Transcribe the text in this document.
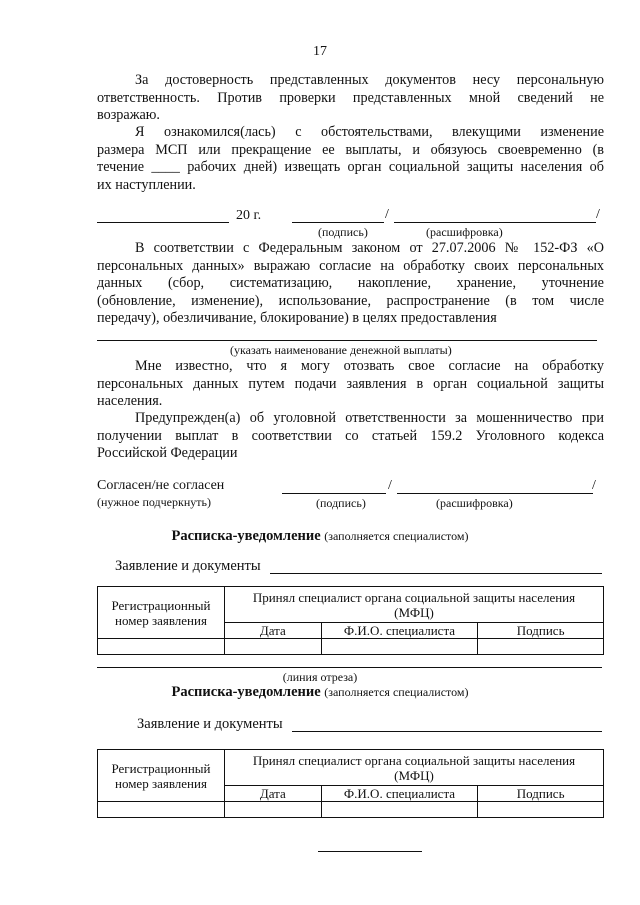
17
За достоверность представленных документов несу персональную
ответственность. Против проверки представленных мной сведений не
возражаю.
Я ознакомился(лась) с обстоятельствами, влекущими изменение
размера МСП или прекращение ее выплаты, и обязуюсь своевременно (в
течение ____ рабочих дней) извещать орган социальной защиты населения об
их наступлении.
20 г.	/	/
(подпись)	(расшифровка)
В соответствии с Федеральным законом от 27.07.2006 № 152-ФЗ «О
персональных данных» выражаю согласие на обработку своих персональных
данных (сбор, систематизацию, накопление, хранение, уточнение
(обновление, изменение), использование, распространение (в том числе
передачу), обезличивание, блокирование) в целях предоставления
(указать наименование денежной выплаты)
Мне известно, что я могу отозвать свое согласие на обработку
персональных данных путем подачи заявления в орган социальной защиты
населения.
Предупрежден(а) об уголовной ответственности за мошенничество при
получении выплат в соответствии со статьей 159.2 Уголовного кодекса
Российской Федерации
Согласен/не согласен
(нужное подчеркнуть)
/	/
(подпись)	(расшифровка)
Расписка-уведомление (заполняется специалистом)
Заявление и документы
Регистрационный номер заявления	Принял специалист органа социальной защиты населения (МФЦ)		
	Дата	Ф.И.О. специалиста	Подпись

(линия отреза)
Расписка-уведомление (заполняется специалистом)
Заявление и документы
Регистрационный номер заявления	Принял специалист органа социальной защиты населения (МФЦ)		
	Дата	Ф.И.О. специалиста	Подпись
